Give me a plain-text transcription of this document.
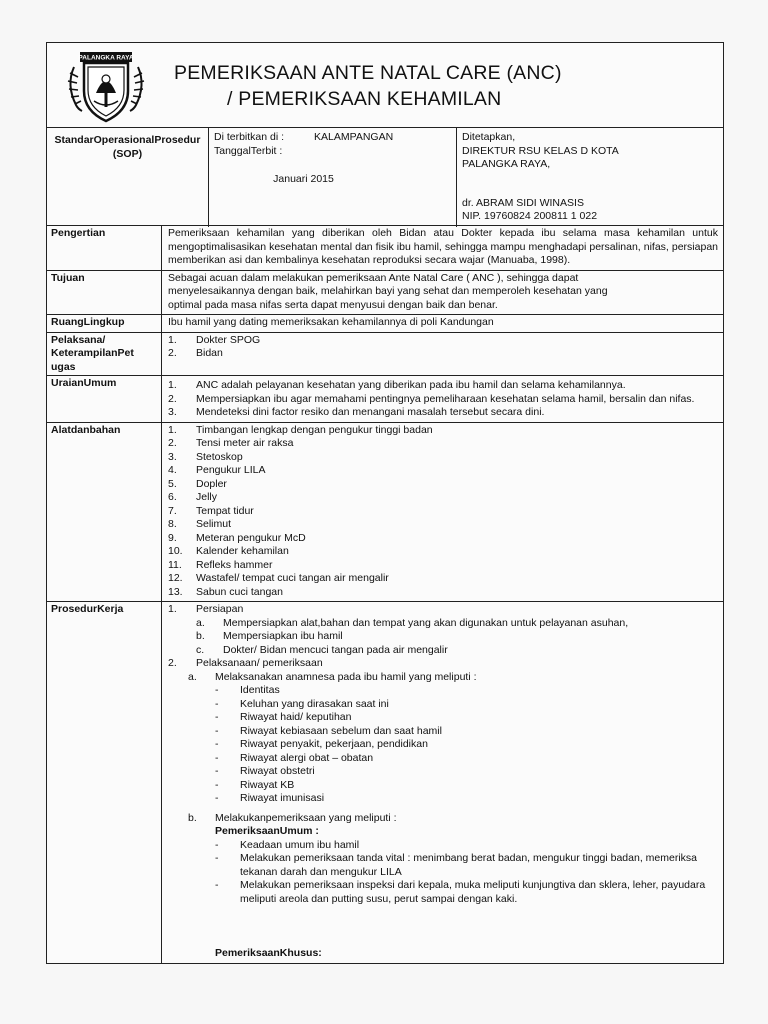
PALANGKA RAYA
PEMERIKSAAN ANTE NATAL CARE (ANC)
/ PEMERIKSAAN KEHAMILAN
StandarOperasionalProsedur
(SOP)
Di terbitkan di :	KALAMPANGAN
TanggalTerbit :
Januari 2015
Ditetapkan,
DIREKTUR RSU KELAS D KOTA
PALANGKA RAYA,
dr. ABRAM SIDI WINASIS
NIP. 19760824 200811 1 022
Pengertian	Pemeriksaan kehamilan yang diberikan oleh Bidan atau Dokter kepada ibu selama masa kehamilan untuk mengoptimalisasikan kesehatan mental dan fisik ibu hamil, sehingga mampu menghadapi persalinan, nifas, persiapan memberikan asi dan kembalinya kesehatan reproduksi secara wajar (Manuaba, 1998).
Tujuan	Sebagai acuan dalam melakukan pemeriksaan Ante Natal Care ( ANC ), sehingga dapat
menyelesaikannya dengan baik, melahirkan bayi yang sehat dan memperoleh kesehatan yang
optimal pada masa nifas serta dapat menyusui dengan baik dan benar.
RuangLingkup	Ibu hamil yang dating memeriksakan kehamilannya di poli Kandungan
Pelaksana/
KeterampilanPet
ugas
1.	Dokter SPOG
2.	Bidan
UraianUmum	1.	ANC adalah pelayanan kesehatan yang diberikan pada ibu hamil dan selama kehamilannya.
2.	Mempersiapkan ibu agar memahami pentingnya pemeliharaan kesehatan selama hamil, bersalin dan nifas.
3.	Mendeteksi dini factor resiko dan menangani masalah tersebut secara dini.
Alatdanbahan	1.	Timbangan lengkap dengan pengukur tinggi badan
2.	Tensi meter air raksa
3.	Stetoskop
4.	Pengukur LILA
5.	Dopler
6.	Jelly
7.	Tempat tidur
8.	Selimut
9.	Meteran pengukur McD
10.	Kalender kehamilan
11.	Refleks hammer
12.	Wastafel/ tempat cuci tangan air mengalir
13.	Sabun cuci tangan
ProsedurKerja	1.	Persiapan
a.	Mempersiapkan alat,bahan dan tempat yang akan digunakan untuk pelayanan asuhan,
b.	Mempersiapkan ibu hamil
c.	Dokter/ Bidan mencuci tangan pada air mengalir
2.	Pelaksanaan/ pemeriksaan
a.	Melaksanakan anamnesa pada ibu hamil yang meliputi :
-	Identitas
-	Keluhan yang dirasakan saat ini
-	Riwayat haid/ keputihan
-	Riwayat kebiasaan sebelum dan saat hamil
-	Riwayat penyakit, pekerjaan, pendidikan
-	Riwayat alergi obat – obatan
-	Riwayat obstetri
-	Riwayat KB
-	Riwayat imunisasi
b.	Melakukanpemeriksaan yang meliputi :
PemeriksaanUmum :
-	Keadaan umum ibu hamil
-	Melakukan pemeriksaan tanda vital : menimbang berat badan, mengukur tinggi badan, memeriksa tekanan darah dan mengukur LILA
-	Melakukan pemeriksaan inspeksi dari kepala, muka meliputi kunjungtiva dan sklera, leher, payudara meliputi areola dan putting susu, perut sampai dengan kaki.
PemeriksaanKhusus:
